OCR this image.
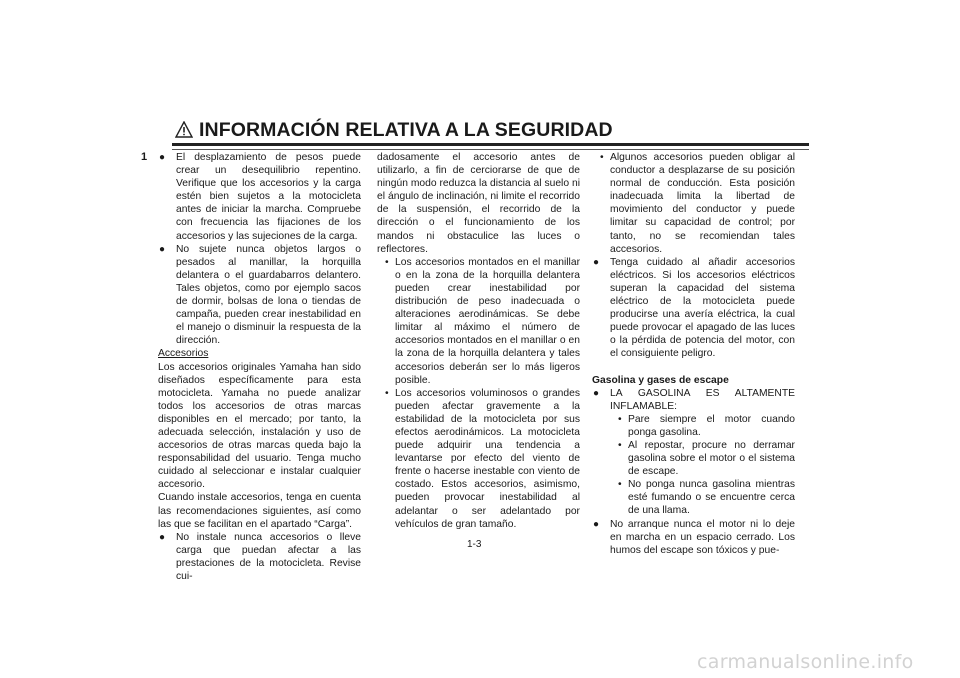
INFORMACIÓN RELATIVA A LA SEGURIDAD
1

●	El desplazamiento de pesos puede crear un desequilibrio repentino. Verifique que los accesorios y la carga estén bien sujetos a la motocicleta antes de iniciar la marcha. Compruebe con frecuencia las fijaciones de los accesorios y las sujeciones de la carga.

● No sujete nunca objetos largos o pesados al manillar, la horquilla delantera o el guardabarros delantero. Tales objetos, como por ejemplo sacos de dormir, bolsas de lona o tiendas de campaña, pueden crear inestabilidad en el manejo o disminuir la respuesta de la dirección.

Accesorios

Los accesorios originales Yamaha han sido diseñados específicamente para esta motocicleta. Yamaha no puede analizar todos los accesorios de otras marcas disponibles en el mercado; por tanto, la adecuada selección, instalación y uso de accesorios de otras marcas queda bajo la responsabilidad del usuario. Tenga mucho cuidado al seleccionar e instalar cualquier accesorio.

Cuando instale accesorios, tenga en cuenta las recomendaciones siguientes, así como las que se facilitan en el apartado “Carga”.

● No instale nunca accesorios o lleve carga que puedan afectar a las prestaciones de la motocicleta. Revise cui-

dadosamente el accesorio antes de utilizarlo, a fin de cerciorarse de que de ningún modo reduzca la distancia al suelo ni el ángulo de inclinación, ni limite el recorrido de la suspensión, el recorrido de la dirección o el funcionamiento de los mandos ni obstaculice las luces o reflectores.

• Los accesorios montados en el manillar o en la zona de la horquilla delantera pueden crear inestabilidad por distribución de peso inadecuada o alteraciones aerodinámicas. Se debe limitar al máximo el número de accesorios montados en el manillar o en la zona de la horquilla delantera y tales accesorios deberán ser lo más ligeros posible.

• Los accesorios voluminosos o grandes pueden afectar gravemente a la estabilidad de la motocicleta por sus efectos aerodinámicos. La motocicleta puede adquirir una tendencia a levantarse por efecto del viento de frente o hacerse inestable con viento de costado. Estos accesorios, asimismo, pueden provocar inestabilidad al adelantar o ser adelantado por vehículos de gran tamaño.

• Algunos accesorios pueden obligar al conductor a desplazarse de su posición normal de conducción. Esta posición inadecuada limita la libertad de movimiento del conductor y puede limitar su capacidad de control; por tanto, no se recomiendan tales accesorios.

● Tenga cuidado al añadir accesorios eléctricos. Si los accesorios eléctricos superan la capacidad del sistema eléctrico de la motocicleta puede producirse una avería eléctrica, la cual puede provocar el apagado de las luces o la pérdida de potencia del motor, con el consiguiente peligro.

Gasolina y gases de escape

● LA GASOLINA ES ALTAMENTE INFLAMABLE:

• Pare siempre el motor cuando ponga gasolina.

• Al repostar, procure no derramar gasolina sobre el motor o el sistema de escape.

• No ponga nunca gasolina mientras esté fumando o se encuentre cerca de una llama.

● No arranque nunca el motor ni lo deje en marcha en un espacio cerrado. Los humos del escape son tóxicos y pue-

1-3
carmanualsonline.info
